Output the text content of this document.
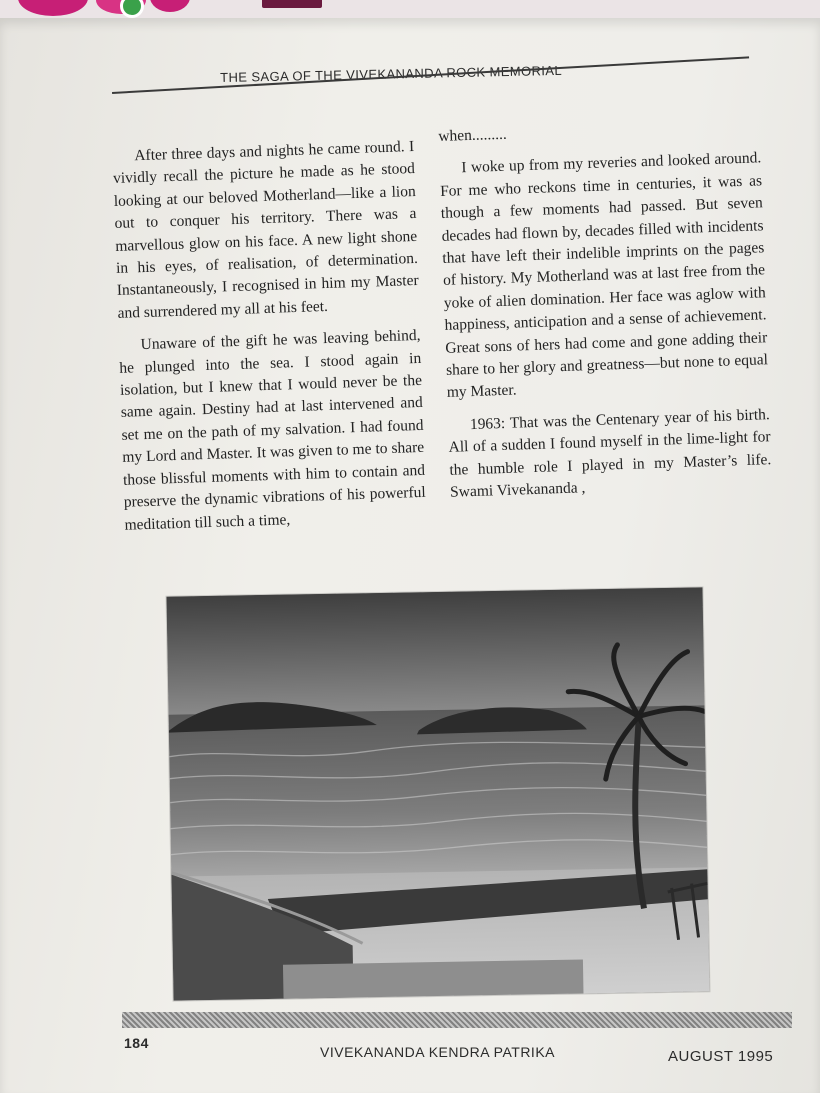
THE SAGA OF THE VIVEKANANDA ROCK MEMORIAL

After three days and nights he came round. I vividly recall the picture he made as he stood looking at our beloved Motherland—like a lion out to conquer his territory. There was a marvellous glow on his face. A new light shone in his eyes, of realisation, of determination. Instantaneously, I recognised in him my Master and surrendered my all at his feet.

Unaware of the gift he was leaving behind, he plunged into the sea. I stood again in isolation, but I knew that I would never be the same again. Destiny had at last intervened and set me on the path of my salvation. I had found my Lord and Master. It was given to me to share those blissful moments with him to contain and preserve the dynamic vibrations of his powerful meditation till such a time,

when.........

I woke up from my reveries and looked around. For me who reckons time in centuries, it was as though a few moments had passed. But seven decades had flown by, decades filled with incidents that have left their indelible imprints on the pages of history. My Motherland was at last free from the yoke of alien domination. Her face was aglow with happiness, anticipation and a sense of achievement. Great sons of hers had come and gone adding their share to her glory and greatness—but none to equal my Master.

1963: That was the Centenary year of his birth. All of a sudden I found myself in the lime-light for the humble role I played in my Master’s life. Swami Vivekananda ,

184
VIVEKANANDA KENDRA PATRIKA	AUGUST 1995
